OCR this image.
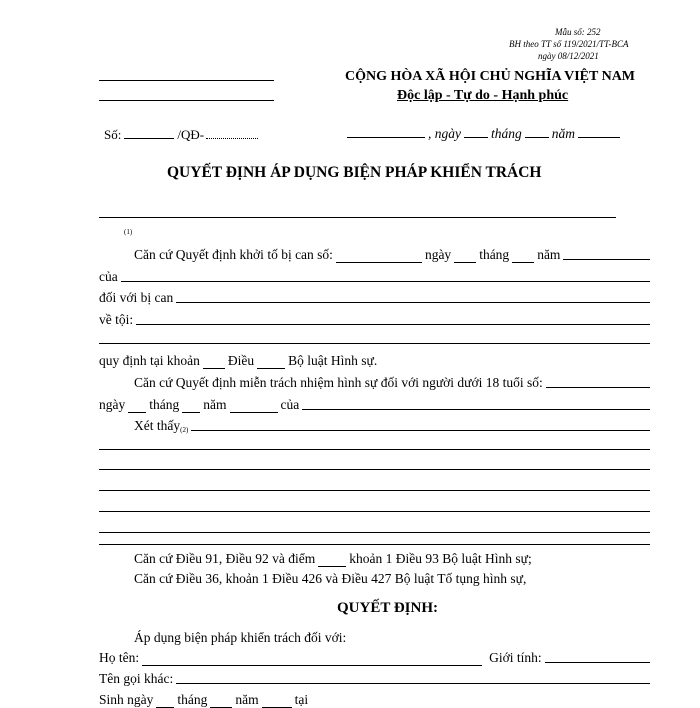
Mẫu số: 252
BH theo TT số 119/2021/TT-BCA
ngày 08/12/2021
CỘNG HÒA XÃ HỘI CHỦ NGHĨA VIỆT NAM
Độc lập - Tự do - Hạnh phúc
Số:	/QĐ-	, ngày tháng năm
QUYẾT ĐỊNH ÁP DỤNG BIỆN PHÁP KHIỂN TRÁCH
(1)
Căn cứ Quyết định khởi tố bị can số:	ngày tháng năm
của
đối với bị can
về tội:
quy định tại khoản Điều	Bộ luật Hình sự.
Căn cứ Quyết định miễn trách nhiệm hình sự đối với người dưới 18 tuổi số:
ngày tháng năm	của
Xét thấy$_{(2)}$
Căn cứ Điều 91, Điều 92 và điểm	khoản 1 Điều 93 Bộ luật Hình sự;
Căn cứ Điều 36, khoản 1 Điều 426 và Điều 427 Bộ luật Tố tụng hình sự,
QUYẾT ĐỊNH:
Áp dụng biện pháp khiển trách đối với:
Họ tên:	Giới tính:
Tên gọi khác:
Sinh ngày tháng năm	tại
